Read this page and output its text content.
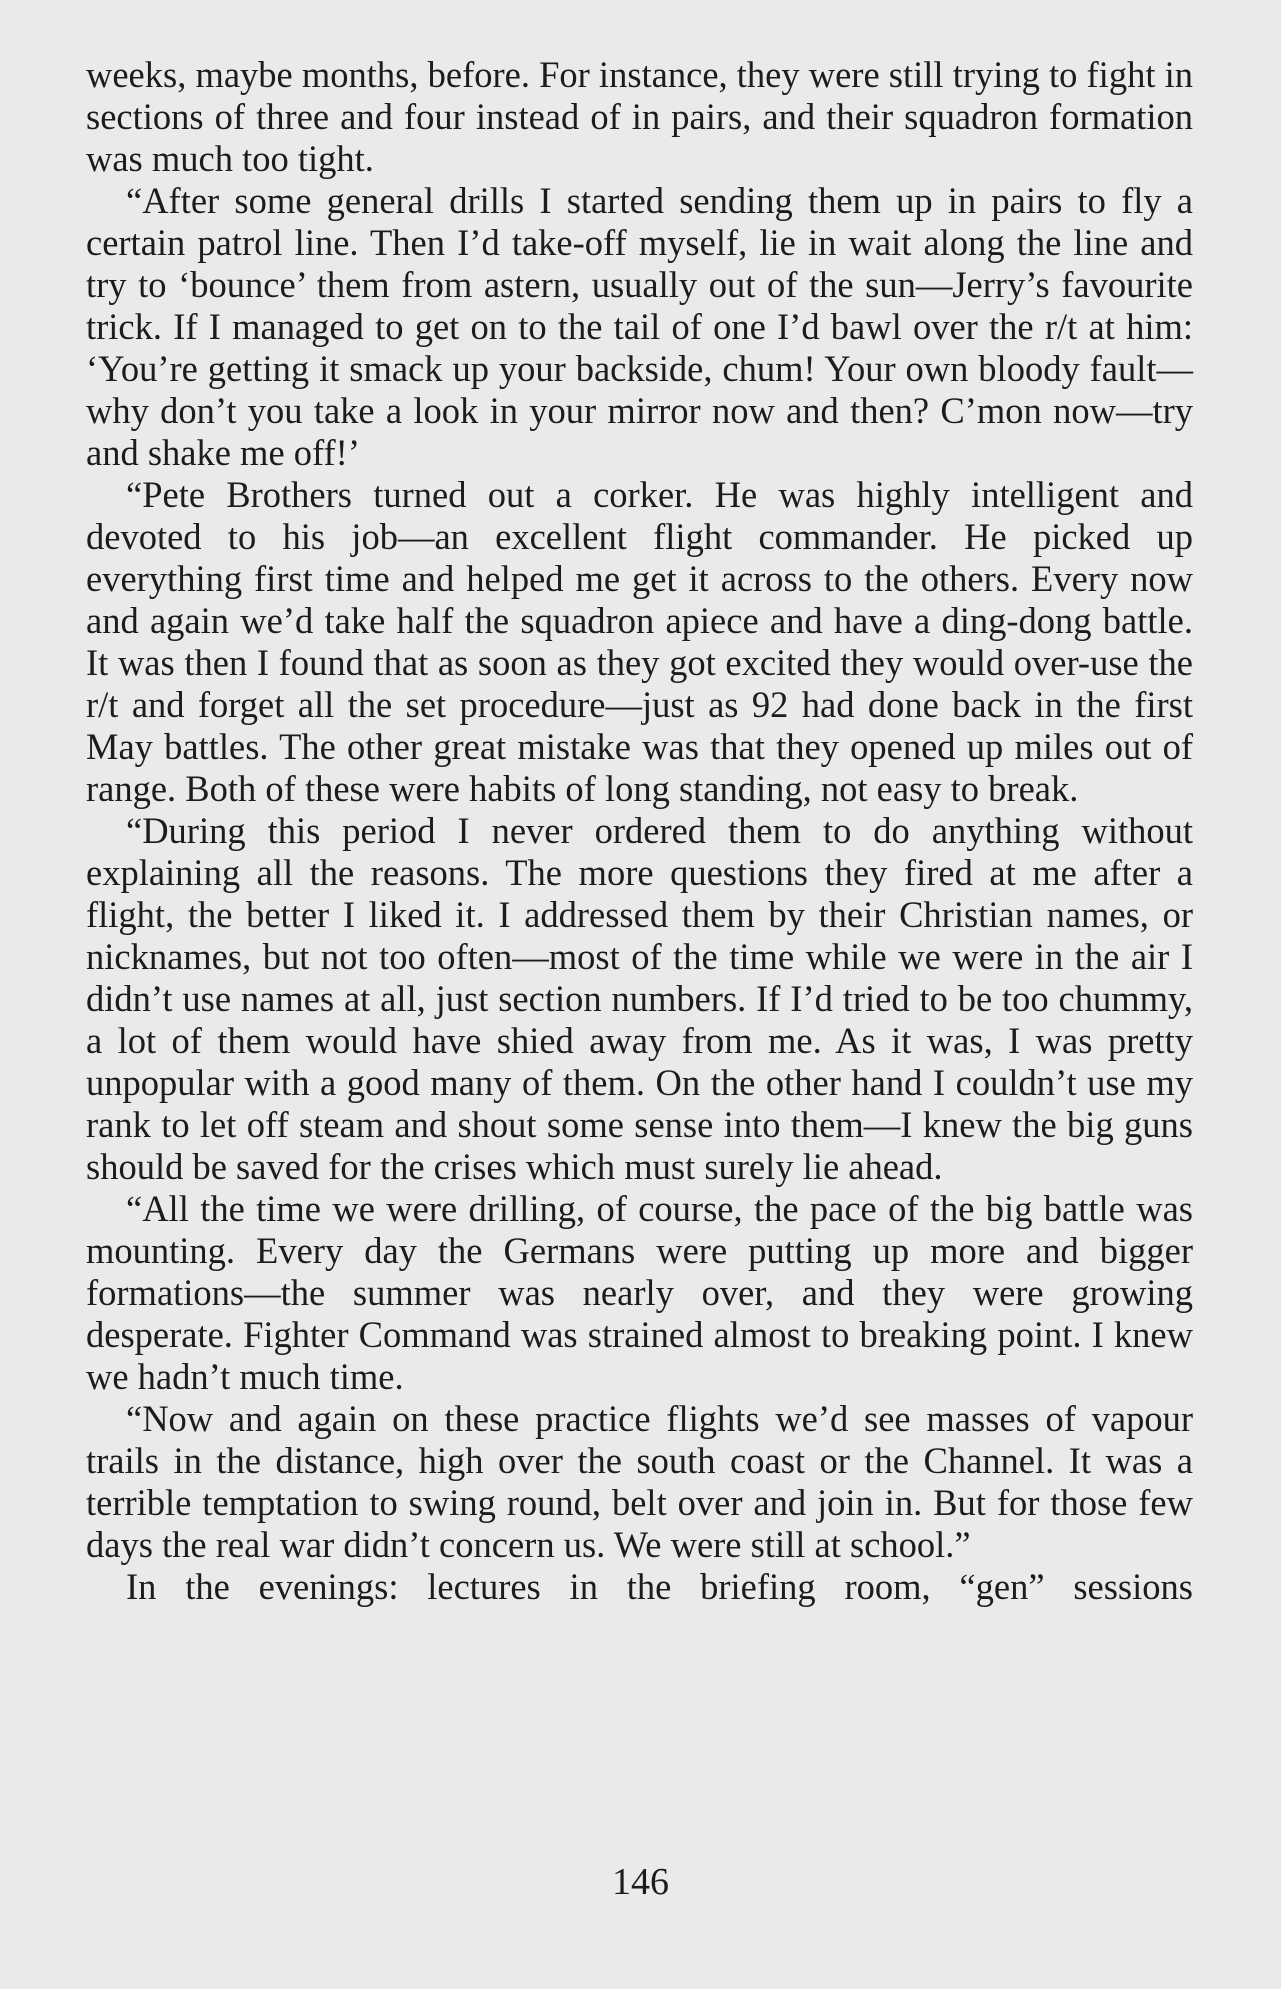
weeks, maybe months, before. For instance, they were still trying to fight in sections of three and four instead of in pairs, and their squadron formation was much too tight.

“After some general drills I started sending them up in pairs to fly a certain patrol line. Then I’d take-off myself, lie in wait along the line and try to ‘bounce’ them from astern, usually out of the sun—Jerry’s favourite trick. If I managed to get on to the tail of one I’d bawl over the r/t at him: ‘You’re getting it smack up your backside, chum! Your own bloody fault—why don’t you take a look in your mirror now and then? C’mon now—try and shake me off!’

“Pete Brothers turned out a corker. He was highly intelligent and devoted to his job—an excellent flight commander. He picked up everything first time and helped me get it across to the others. Every now and again we’d take half the squadron apiece and have a ding-dong battle. It was then I found that as soon as they got excited they would over-use the r/t and forget all the set procedure—just as 92 had done back in the first May battles. The other great mistake was that they opened up miles out of range. Both of these were habits of long standing, not easy to break.

“During this period I never ordered them to do anything without explaining all the reasons. The more questions they fired at me after a flight, the better I liked it. I addressed them by their Christian names, or nicknames, but not too often—most of the time while we were in the air I didn’t use names at all, just section numbers. If I’d tried to be too chummy, a lot of them would have shied away from me. As it was, I was pretty unpopular with a good many of them. On the other hand I couldn’t use my rank to let off steam and shout some sense into them—I knew the big guns should be saved for the crises which must surely lie ahead.

“All the time we were drilling, of course, the pace of the big battle was mounting. Every day the Germans were putting up more and bigger formations—the summer was nearly over, and they were growing desperate. Fighter Command was strained almost to breaking point. I knew we hadn’t much time.

“Now and again on these practice flights we’d see masses of vapour trails in the distance, high over the south coast or the Channel. It was a terrible temptation to swing round, belt over and join in. But for those few days the real war didn’t concern us. We were still at school.”

In the evenings: lectures in the briefing room, “gen” sessions

146
